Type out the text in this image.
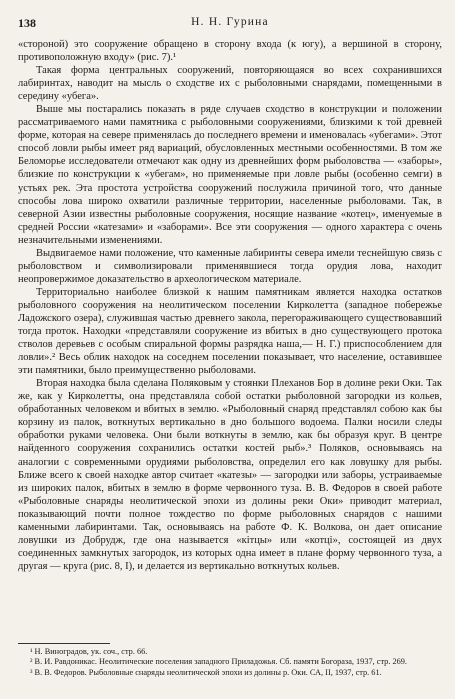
138	Н. Н. Гурина

«стороной) это сооружение обращено в сторону входа (к югу), а вершиной в сторону, противоположную входу» (рис. 7).¹

Такая форма центральных сооружений, повторяющаяся во всех сохранившихся лабиринтах, наводит на мысль о сходстве их с рыболовными снарядами, помещенными в середину «убега».

Выше мы постарались показать в ряде случаев сходство в конструкции и положении рассматриваемого нами памятника с рыболовными сооружениями, близкими к той древней форме, которая на севере применялась до последнего времени и именовалась «убегами». Этот способ ловли рыбы имеет ряд вариаций, обусловленных местными особенностями. В том же Беломорье исследователи отмечают как одну из древнейших форм рыболовства — «заборы», близкие по конструкции к «убегам», но применяемые при ловле рыбы (особенно семги) в устьях рек. Эта простота устройства сооружений послужила причиной того, что данные способы лова широко охватили различные территории, населенные рыболовами. Так, в северной Азии известны рыболовные сооружения, носящие название «котец», именуемые в средней России «катезами» и «заборами». Все эти сооружения — одного характера с очень незначительными изменениями.

Выдвигаемое нами положение, что каменные лабиринты севера имели теснейшую связь с рыболовством и символизировали применявшиеся тогда орудия лова, находит неопровержимое доказательство в археологическом материале.

Территориально наиболее близкой к нашим памятникам является находка остатков рыболовного сооружения на неолитическом поселении Кирколетта (западное побережье Ладожского озера), служившая частью древнего закола, перегораживающего существовавший тогда проток. Находки «представляли сооружение из вбитых в дно существующего протока стволов деревьев с особым спиральной формы разрядка наша,— Н. Г.) приспособлением для ловли».² Весь облик находок на соседнем поселении показывает, что население, оставившее эти памятники, было преимущественно рыболовами.

Вторая находка была сделана Поляковым у стоянки Плеханов Бор в долине реки Оки. Так же, как у Кирколетты, она представляла собой остатки рыболовной загородки из кольев, обработанных человеком и вбитых в землю. «Рыболовный снаряд представлял собою как бы корзину из палок, воткнутых вертикально в дно большого водоема. Палки носили следы обработки руками человека. Они были воткнуты в землю, как бы образуя круг. В центре найденного сооружения сохранились остатки костей рыб».³ Поляков, основываясь на аналогии с современными орудиями рыболовства, определил его как ловушку для рыбы. Ближе всего к своей находке автор считает «катезы» — загородки или заборы, устраиваемые из широких палок, вбитых в землю в форме червонного туза. В. В. Федоров в своей работе «Рыболовные снаряды неолитической эпохи из долины реки Оки» приводит материал, показывающий почти полное тождество по форме рыболовных снарядов с нашими каменными лабиринтами. Так, основываясь на работе Ф. К. Волкова, он дает описание ловушки из Добрудж, где она называется «кітцы» или «котці», состоящей из двух соединенных замкнутых загородок, из которых одна имеет в плане форму червонного туза, а другая — круга (рис. 8, I), и делается из вертикально воткнутых кольев.

¹ Н. Виноградов, ук. соч., стр. 66.

² В. И. Равдоникас. Неолитические поселения западного Приладожья. Сб. памяти Богораза, 1937, стр. 269.

³ В. В. Федоров. Рыболовные снаряды неолитической эпохи из долины р. Оки. СА, II, 1937, стр. 61.
